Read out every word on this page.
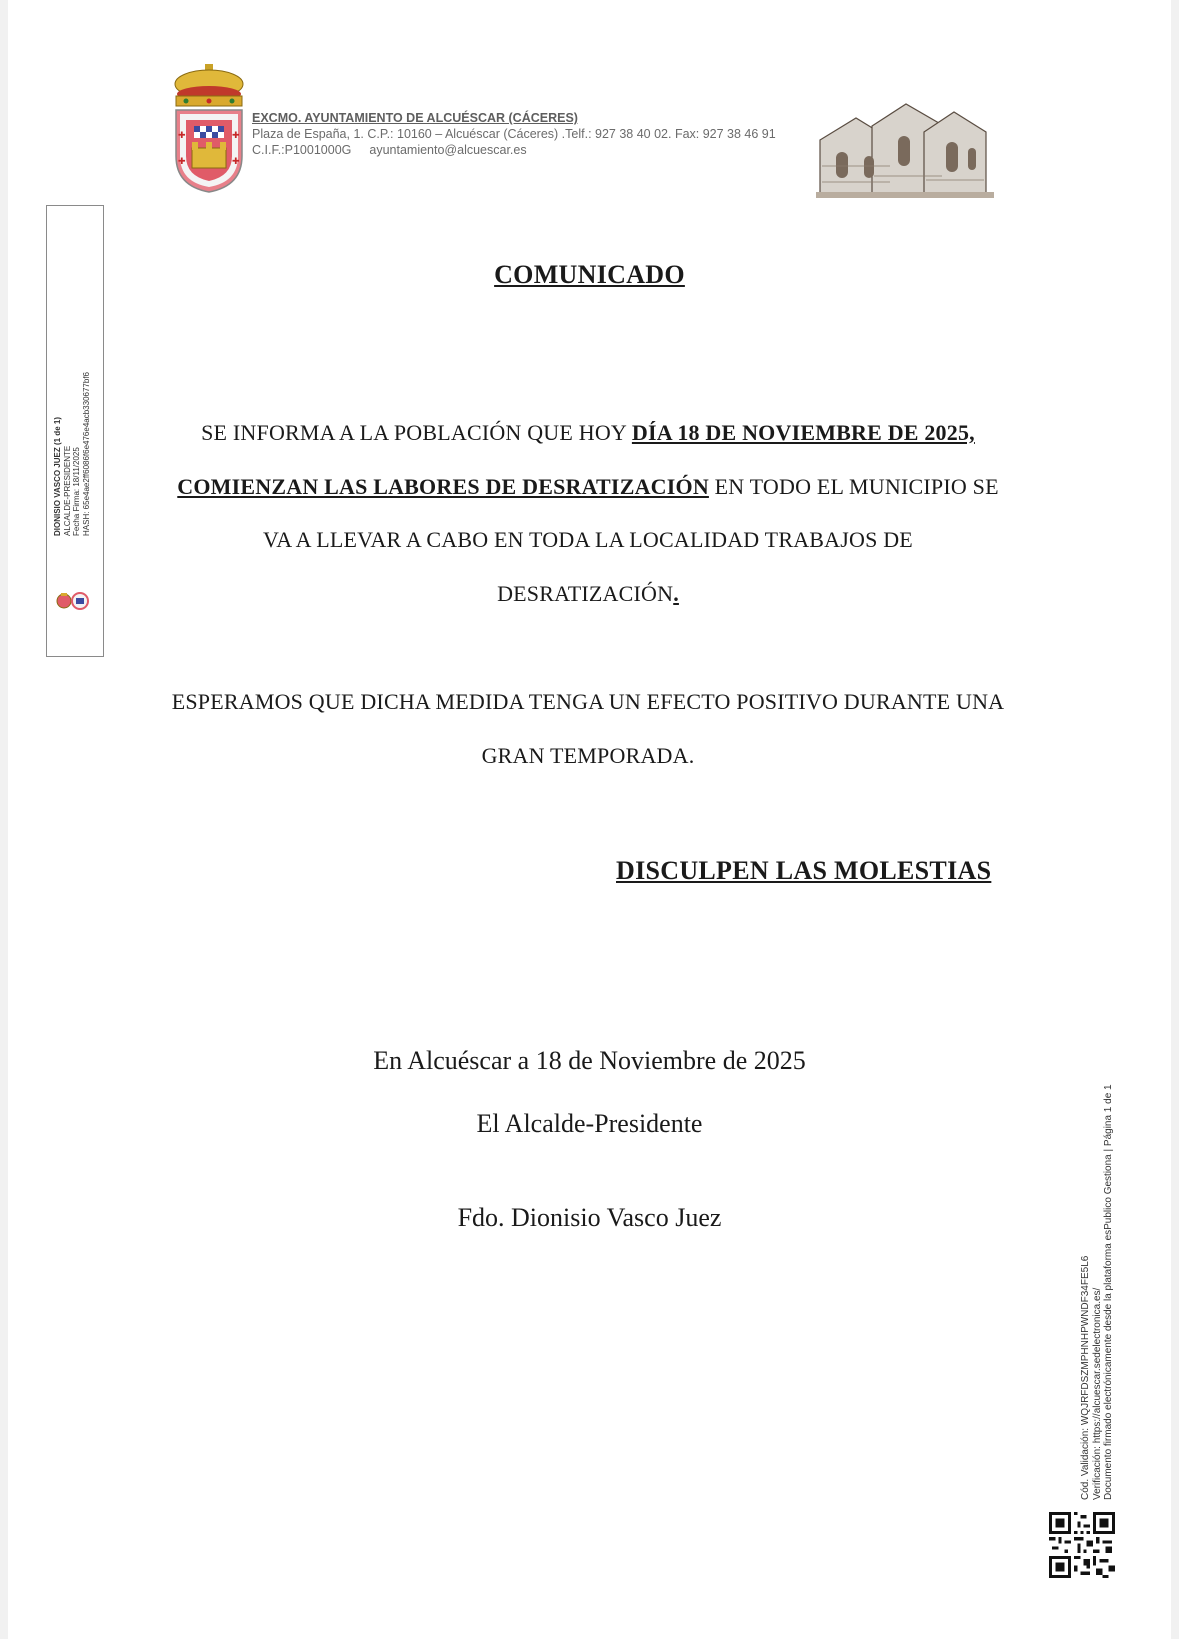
✚	✚
✚	✚
EXCMO. AYUNTAMIENTO DE ALCUÉSCAR (CÁCERES)
Plaza de España, 1. C.P.: 10160 – Alcuéscar (Cáceres) .Telf.: 927 38 40 02. Fax: 927 38 46 91
C.I.F.:P1001000G ayuntamiento@alcuescar.es
DIONISIO VASCO JUEZ (1 de 1) ALCALDE-PRESIDENTE Fecha Firma: 18/11/2025 HASH: 65e4ae2ff6086f6e476e4acb330677bf6
COMUNICADO
SE INFORMA A LA POBLACIÓN QUE HOY DÍA 18 DE NOVIEMBRE DE 2025,
COMIENZAN LAS LABORES DE DESRATIZACIÓN EN TODO EL MUNICIPIO SE VA A LLEVAR A CABO EN TODA LA LOCALIDAD TRABAJOS DE DESRATIZACIÓN.
ESPERAMOS QUE DICHA MEDIDA TENGA UN EFECTO POSITIVO DURANTE UNA GRAN TEMPORADA.
DISCULPEN LAS MOLESTIAS
En Alcuéscar a 18 de Noviembre de 2025
El Alcalde-Presidente
Fdo. Dionisio Vasco Juez
Cód. Validación: WQJRFDSZMPHNHPWNDF34FE5L6 Verificación: https://alcuescar.sedelectronica.es/ Documento firmado electrónicamente desde la plataforma esPublico Gestiona | Página 1 de 1
